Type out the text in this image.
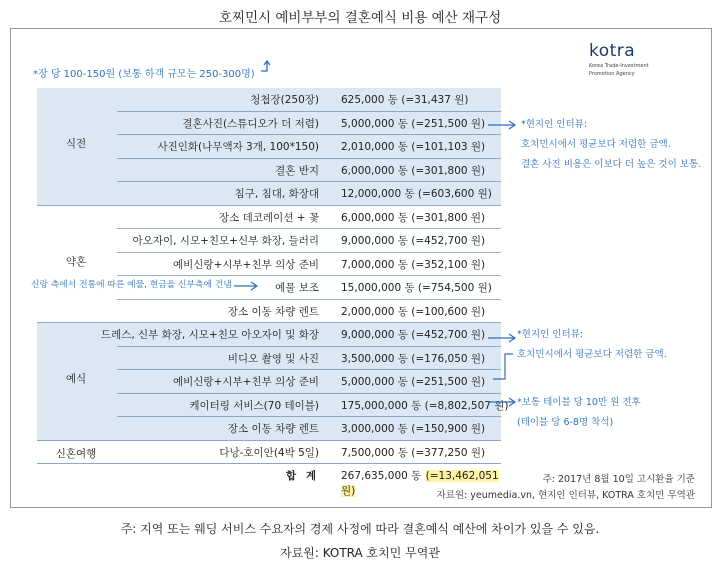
호찌민시 예비부부의 결혼예식 비용 예산 재구성
kotra
Korea Trade-Investment
Promotion Agency
*장 당 100-150원 (보통 하객 규모는 250-300명)
식전
청첩장(250장) 625,000 동 (=31,437 원)
결혼사진(스튜디오가 더 저렴) 5,000,000 동 (=251,500 원)
사진인화(나무액자 3개, 100*150) 2,010,000 동 (=101,103 원)
결혼 반지 6,000,000 동 (=301,800 원)
침구, 침대, 화장대 12,000,000 동 (=603,600 원)
약혼
장소 데코레이션 + 꽃 6,000,000 동 (=301,800 원)
아오자이, 시모+친모+신부 화장, 들러리 9,000,000 동 (=452,700 원)
예비신랑+시부+친부 의상 준비 7,000,000 동 (=352,100 원)
예물 보조 15,000,000 동 (=754,500 원)
장소 이동 차량 렌트 2,000,000 동 (=100,600 원)
예식
드레스, 신부 화장, 시모+친모 아오자이 및 화장 9,000,000 동 (=452,700 원)
비디오 촬영 및 사진 3,500,000 동 (=176,050 원)
예비신랑+시부+친부 의상 준비 5,000,000 동 (=251,500 원)
케이터링 서비스(70 테이블) 175,000,000 동 (=8,802,507 원)
장소 이동 차량 렌트 3,000,000 동 (=150,900 원)
신혼여행	다낭-호이안(4박 5일) 7,500,000 동 (=377,250 원)
합 계 267,635,000 동 (=13,462,051 원)
*현지인 인터뷰:
호치민시에서 평균보다 저렴한 금액.
결혼 사진 비용은 이보다 더 높은 것이 보통.
신랑 측에서 전통에 따른 예물, 현금을 신부측에 건냄
*현지인 인터뷰:
호치민시에서 평균보다 저렴한 금액.
*보통 테이블 당 10만 원 전후
(테이블 당 6-8명 착석)
주: 2017년 8월 10일 고시환율 기준
자료원: yeumedia.vn, 현지인 인터뷰, KOTRA 호치민 무역관
주: 지역 또는 웨딩 서비스 수요자의 경제 사정에 따라 결혼예식 예산에 차이가 있을 수 있음.
자료원: KOTRA 호치민 무역관
